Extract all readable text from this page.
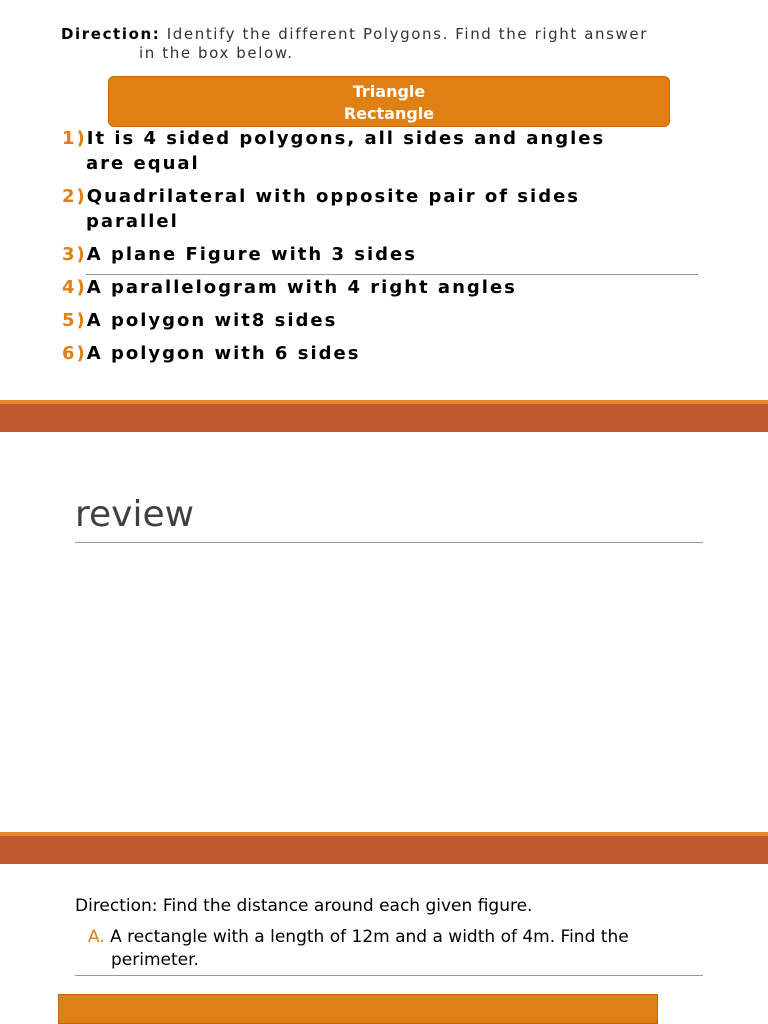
Direction: Identify the different Polygons. Find the right answer
in the box below.
Triangle
Rectangle
1)It is 4 sided polygons, all sides and angles
are equal
2)Quadrilateral with opposite pair of sides
parallel
3)A plane Figure with 3 sides
4)A parallelogram with 4 right angles
5)A polygon wit8 sides
6)A polygon with 6 sides
review
Direction: Find the distance around each given figure.
A. A rectangle with a length of 12m and a width of 4m. Find the
perimeter.
